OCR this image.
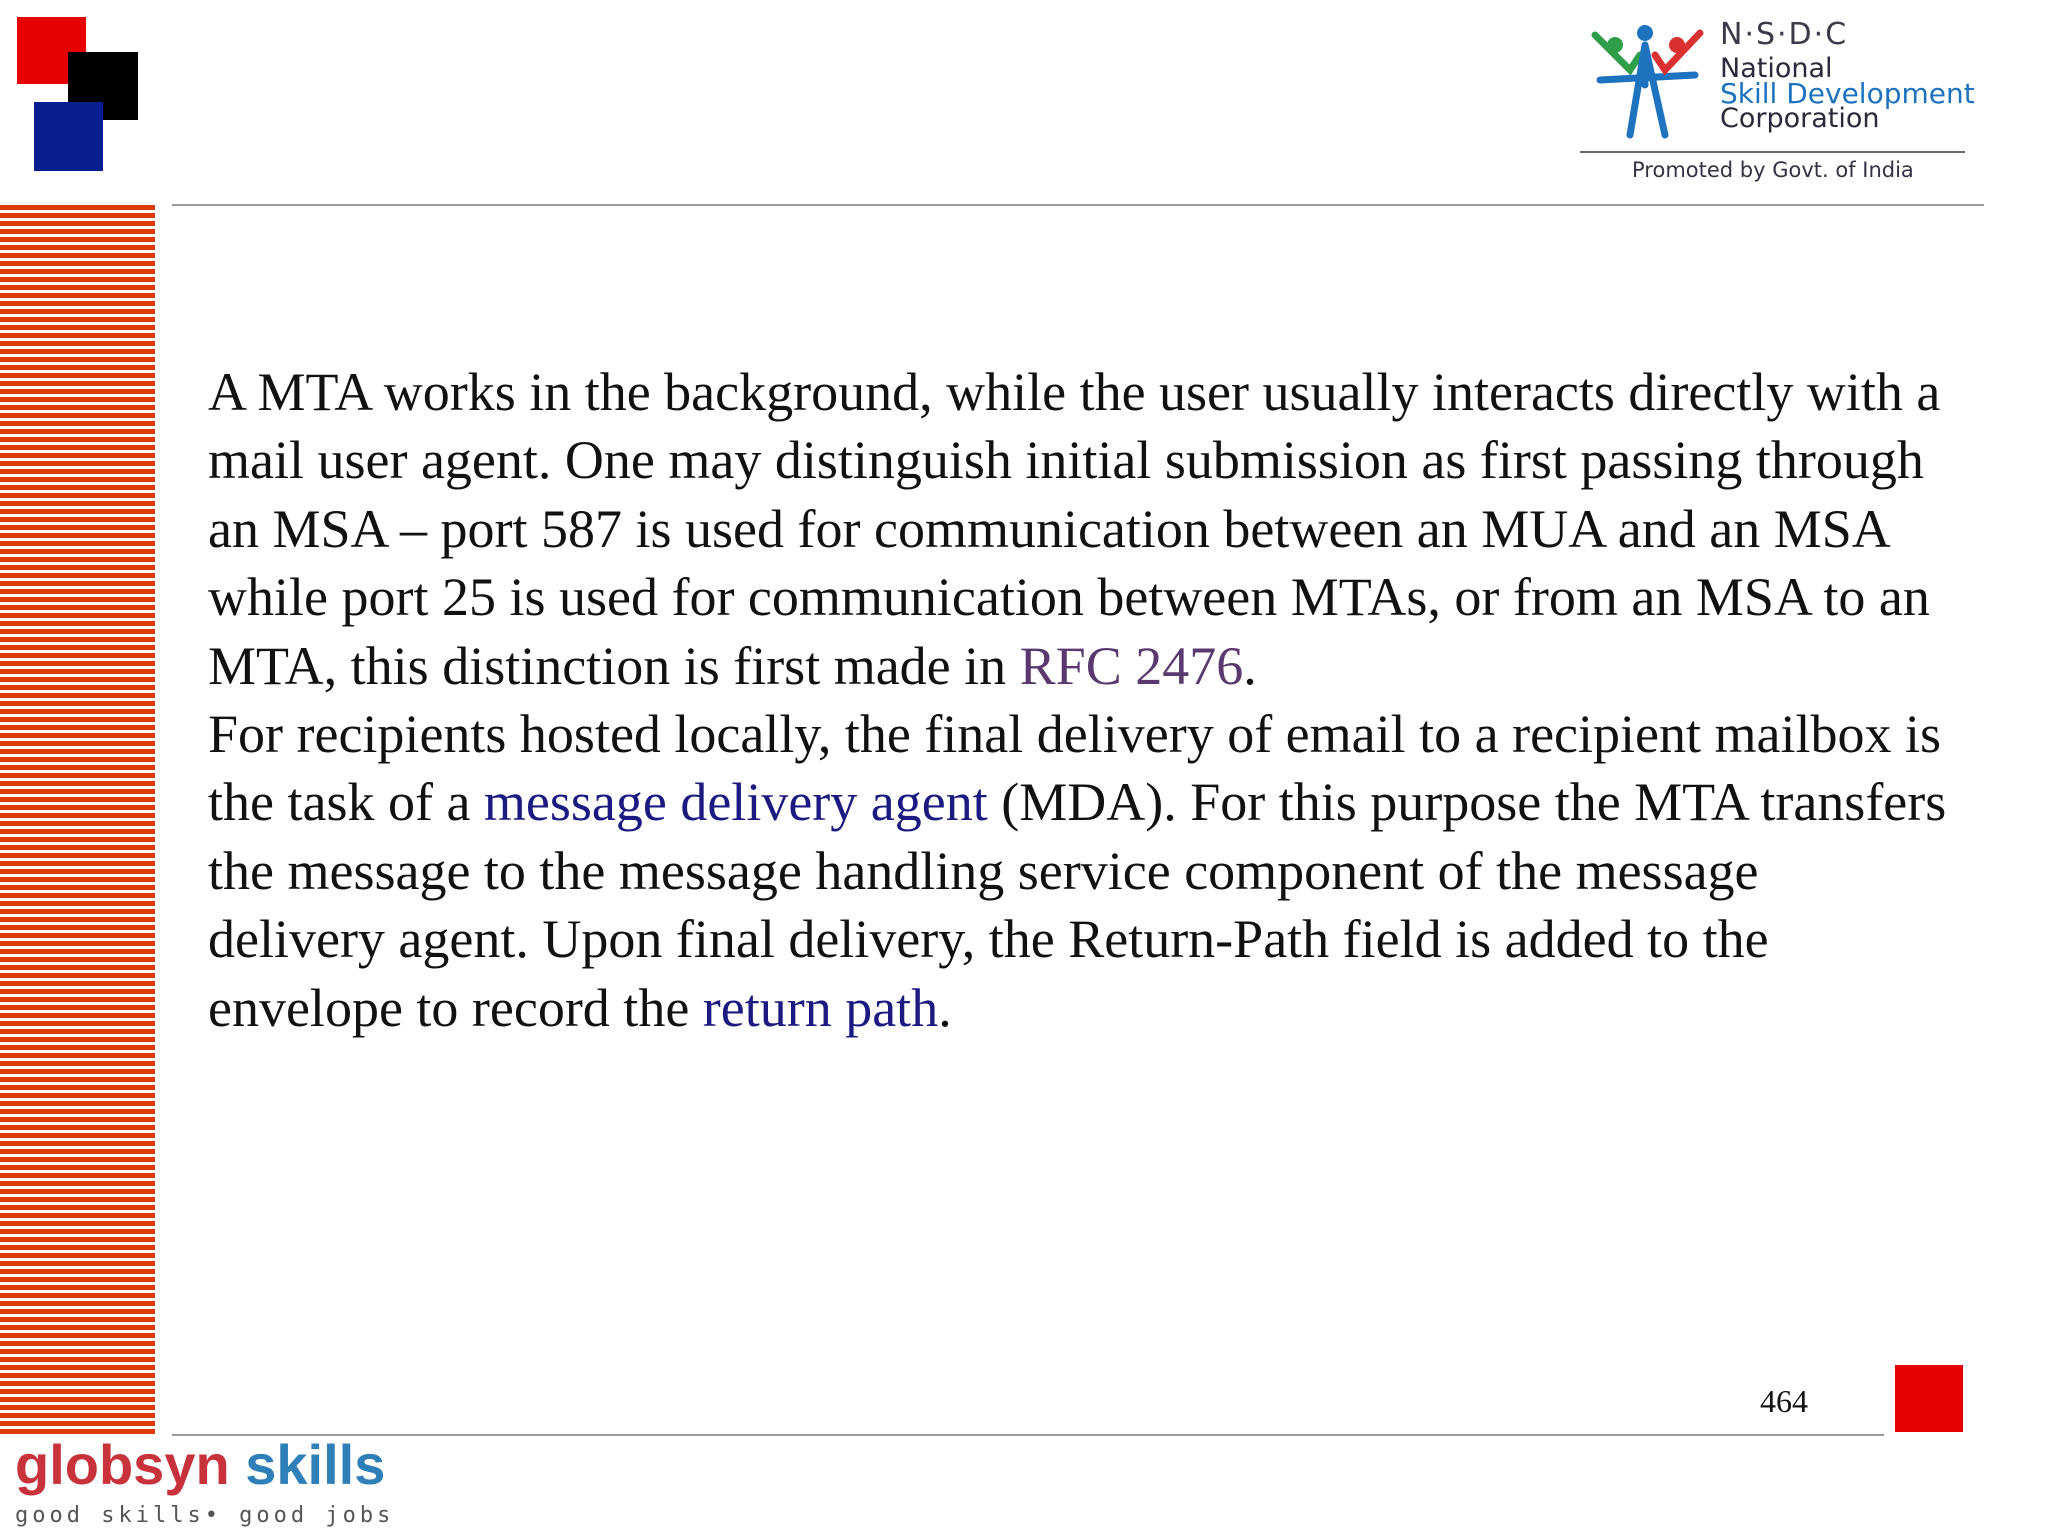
N·S·D·C
National
Skill Development
Corporation
Promoted by Govt. of India

A MTA works in the background, while the user usually interacts directly with a mail user agent. One may distinguish initial submission as first passing through an MSA – port 587 is used for communication between an MUA and an MSA while port 25 is used for communication between MTAs, or from an MSA to an MTA, this distinction is first made in RFC 2476.

For recipients hosted locally, the final delivery of email to a recipient mailbox is the task of a message delivery agent (MDA). For this purpose the MTA transfers the message to the message handling service component of the message delivery agent. Upon final delivery, the Return-Path field is added to the envelope to record the return path.

464
globsyn skills
good skills• good jobs
